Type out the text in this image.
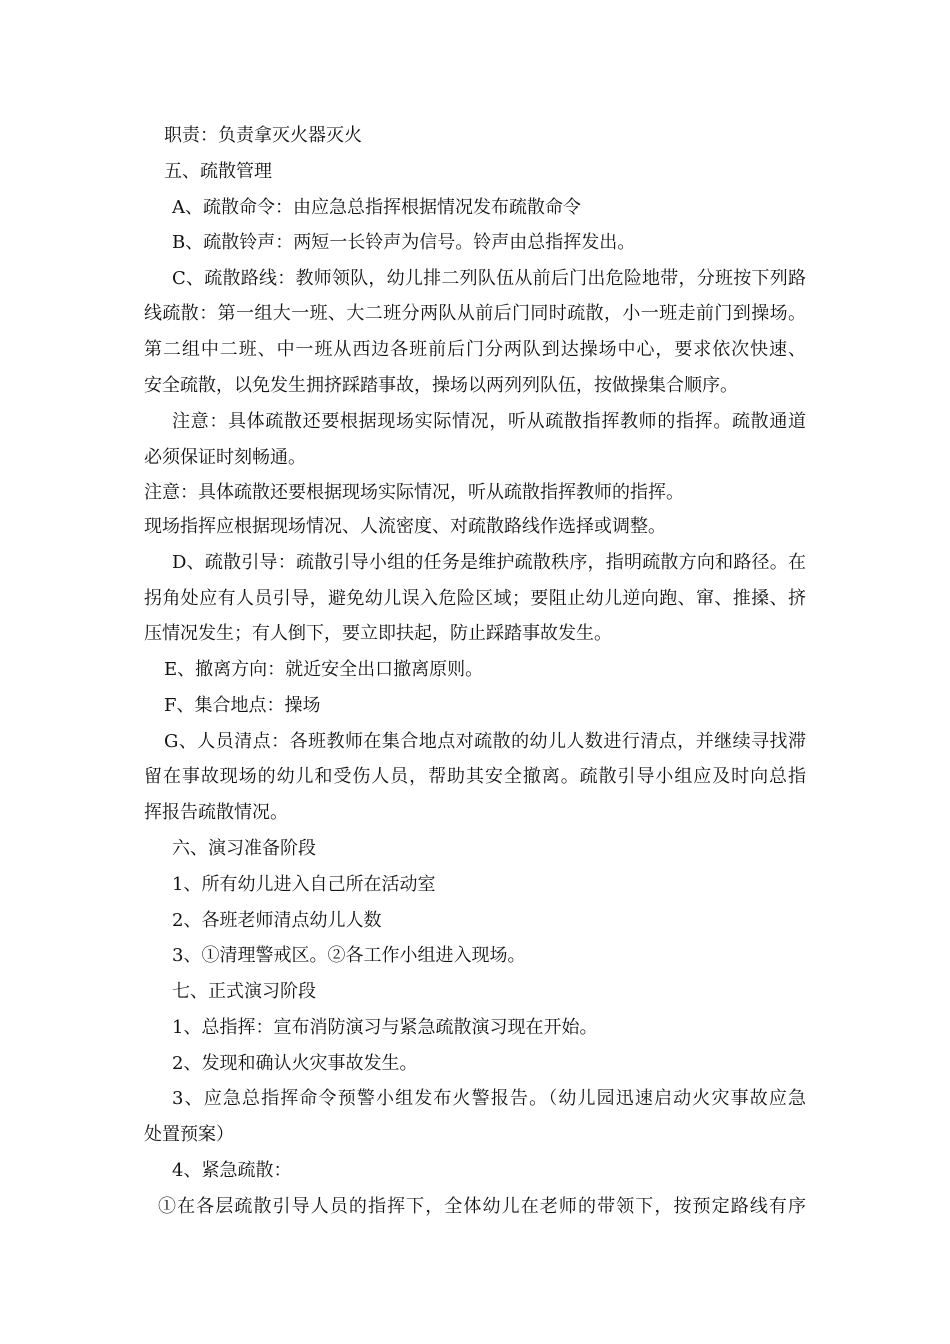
职责：负责拿灭火器灭火
五、疏散管理
A、疏散命令：由应急总指挥根据情况发布疏散命令
B、疏散铃声：两短一长铃声为信号。铃声由总指挥发出。
C、疏散路线：教师领队，幼儿排二列队伍从前后门出危险地带，分班按下列路
线疏散：第一组大一班、大二班分两队从前后门同时疏散，小一班走前门到操场。
第二组中二班、中一班从西边各班前后门分两队到达操场中心，要求依次快速、
安全疏散，以免发生拥挤踩踏事故，操场以两列列队伍，按做操集合顺序。
注意：具体疏散还要根据现场实际情况，听从疏散指挥教师的指挥。疏散通道
必须保证时刻畅通。
注意：具体疏散还要根据现场实际情况，听从疏散指挥教师的指挥。
现场指挥应根据现场情况、人流密度、对疏散路线作选择或调整。
D、疏散引导：疏散引导小组的任务是维护疏散秩序，指明疏散方向和路径。在
拐角处应有人员引导，避免幼儿误入危险区域；要阻止幼儿逆向跑、窜、推搡、挤
压情况发生；有人倒下，要立即扶起，防止踩踏事故发生。
E、撤离方向：就近安全出口撤离原则。
F、集合地点：操场
G、人员清点：各班教师在集合地点对疏散的幼儿人数进行清点，并继续寻找滞
留在事故现场的幼儿和受伤人员，帮助其安全撤离。疏散引导小组应及时向总指
挥报告疏散情况。
六、演习准备阶段
1、所有幼儿进入自己所在活动室
2、各班老师清点幼儿人数
3、①清理警戒区。②各工作小组进入现场。
七、正式演习阶段
1、总指挥：宣布消防演习与紧急疏散演习现在开始。
2、发现和确认火灾事故发生。
3、应急总指挥命令预警小组发布火警报告。（幼儿园迅速启动火灾事故应急
处置预案）
4、紧急疏散：
①在各层疏散引导人员的指挥下，全体幼儿在老师的带领下，按预定路线有序
